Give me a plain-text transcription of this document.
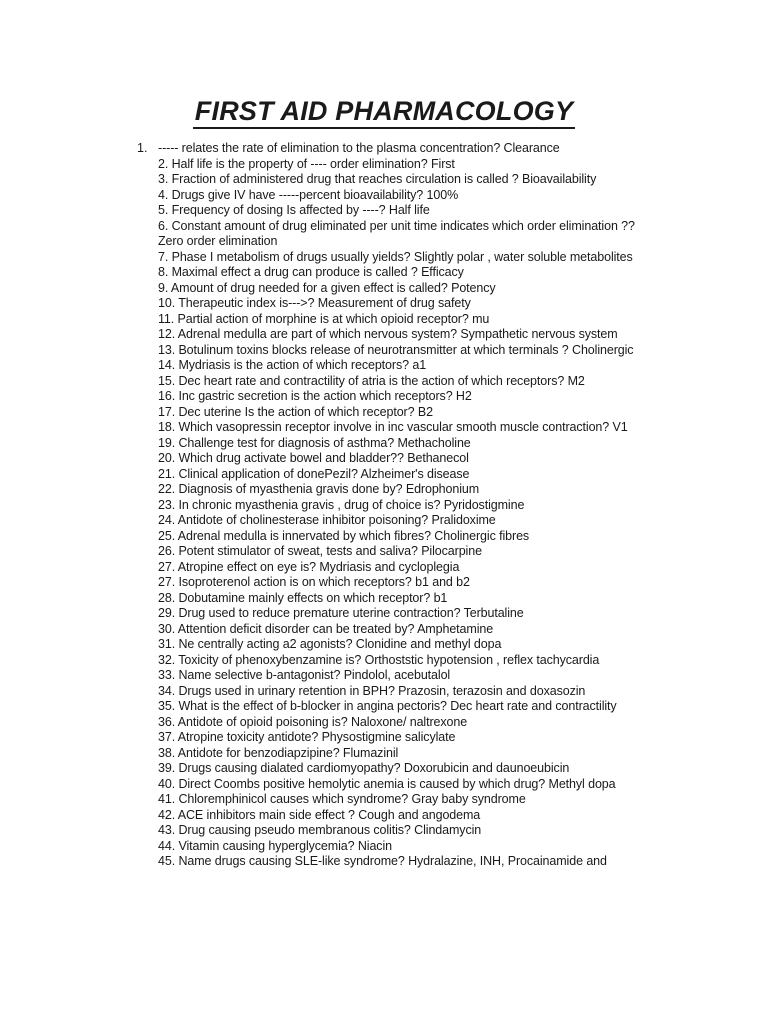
FIRST AID PHARMACOLOGY
1. ----- relates the rate of elimination to the plasma concentration? Clearance
2. Half life is the property of ---- order elimination? First
3. Fraction of administered drug that reaches circulation is called ? Bioavailability
4. Drugs give IV have -----percent bioavailability? 100%
5. Frequency of dosing Is affected by ----? Half life
6. Constant amount of drug eliminated per unit time indicates which order elimination ?? Zero order elimination
7. Phase I metabolism of drugs usually yields? Slightly polar , water soluble metabolites
8. Maximal effect a drug can produce is called ? Efficacy
9. Amount of drug needed for a given effect is called? Potency
10. Therapeutic index is--->? Measurement of drug safety
11. Partial action of morphine is at which opioid receptor? mu
12. Adrenal medulla are part of which nervous system? Sympathetic nervous system
13. Botulinum toxins blocks release of neurotransmitter at which terminals ? Cholinergic
14. Mydriasis is the action of which receptors? a1
15. Dec heart rate and contractility of atria is the action of which receptors? M2
16. Inc gastric secretion is the action which receptors? H2
17. Dec uterine Is the action of which receptor? B2
18. Which vasopressin receptor involve in inc vascular smooth muscle contraction? V1
19. Challenge test for diagnosis of asthma? Methacholine
20. Which drug activate bowel and bladder?? Bethanecol
21. Clinical application of donePezil? Alzheimer's disease
22. Diagnosis of myasthenia gravis done by? Edrophonium
23. In chronic myasthenia gravis , drug of choice is? Pyridostigmine
24. Antidote of cholinesterase inhibitor poisoning? Pralidoxime
25. Adrenal medulla is innervated by which fibres? Cholinergic fibres
26. Potent stimulator of sweat, tests and saliva? Pilocarpine
27. Atropine effect on eye is? Mydriasis and cycloplegia
27. Isoproterenol action is on which receptors? b1 and b2
28. Dobutamine mainly effects on which receptor? b1
29. Drug used to reduce premature uterine contraction? Terbutaline
30. Attention deficit disorder can be treated by? Amphetamine
31. Ne centrally acting a2 agonists? Clonidine and methyl dopa
32. Toxicity of phenoxybenzamine is? Orthoststic hypotension , reflex tachycardia
33. Name selective b-antagonist? Pindolol, acebutalol
34. Drugs used in urinary retention in BPH? Prazosin, terazosin and doxasozin
35. What is the effect of b-blocker in angina pectoris? Dec heart rate and contractility
36. Antidote of opioid poisoning is? Naloxone/ naltrexone
37. Atropine toxicity antidote? Physostigmine salicylate
38. Antidote for benzodiapzipine? Flumazinil
39. Drugs causing dialated cardiomyopathy? Doxorubicin and daunoeubicin
40. Direct Coombs positive hemolytic anemia is caused by which drug? Methyl dopa
41. Chloremphinicol causes which syndrome? Gray baby syndrome
42. ACE inhibitors main side effect ? Cough and angodema
43. Drug causing pseudo membranous colitis? Clindamycin
44. Vitamin causing hyperglycemia? Niacin
45. Name drugs causing SLE-like syndrome? Hydralazine, INH, Procainamide and
